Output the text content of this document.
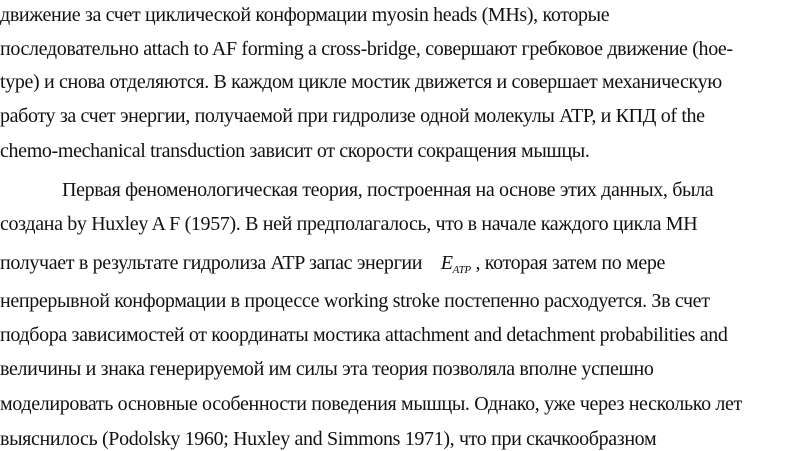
движение за счет циклической конформации myosin heads (MHs), которые
последовательно attach to AF forming a cross-bridge, совершают гребковое движение (hoe-
type) и снова отделяются. В каждом цикле мостик движется и совершает механическую
работу за счет энергии, получаемой при гидролизе одной молекулы ATP, и КПД of the
chemo-mechanical transduction зависит от скорости сокращения мышцы.
Первая феноменологическая теория, построенная на основе этих данных, была
создана by Huxley A F (1957). В ней предполагалось, что в начале каждого цикла МН
получает в результате гидролиза ATP запас энергии $E_{ATP}$ , которая затем по мере
непрерывной конформации в процессе working stroke постепенно расходуется. Зв счет
подбора зависимостей от координаты мостика attachment and detachment probabilities and
величины и знака генерируемой им силы эта теория позволяла вполне успешно
моделировать основные особенности поведения мышцы. Однако, уже через несколько лет
выяснилось (Podolsky 1960; Huxley and Simmons 1971), что при скачкообразном
